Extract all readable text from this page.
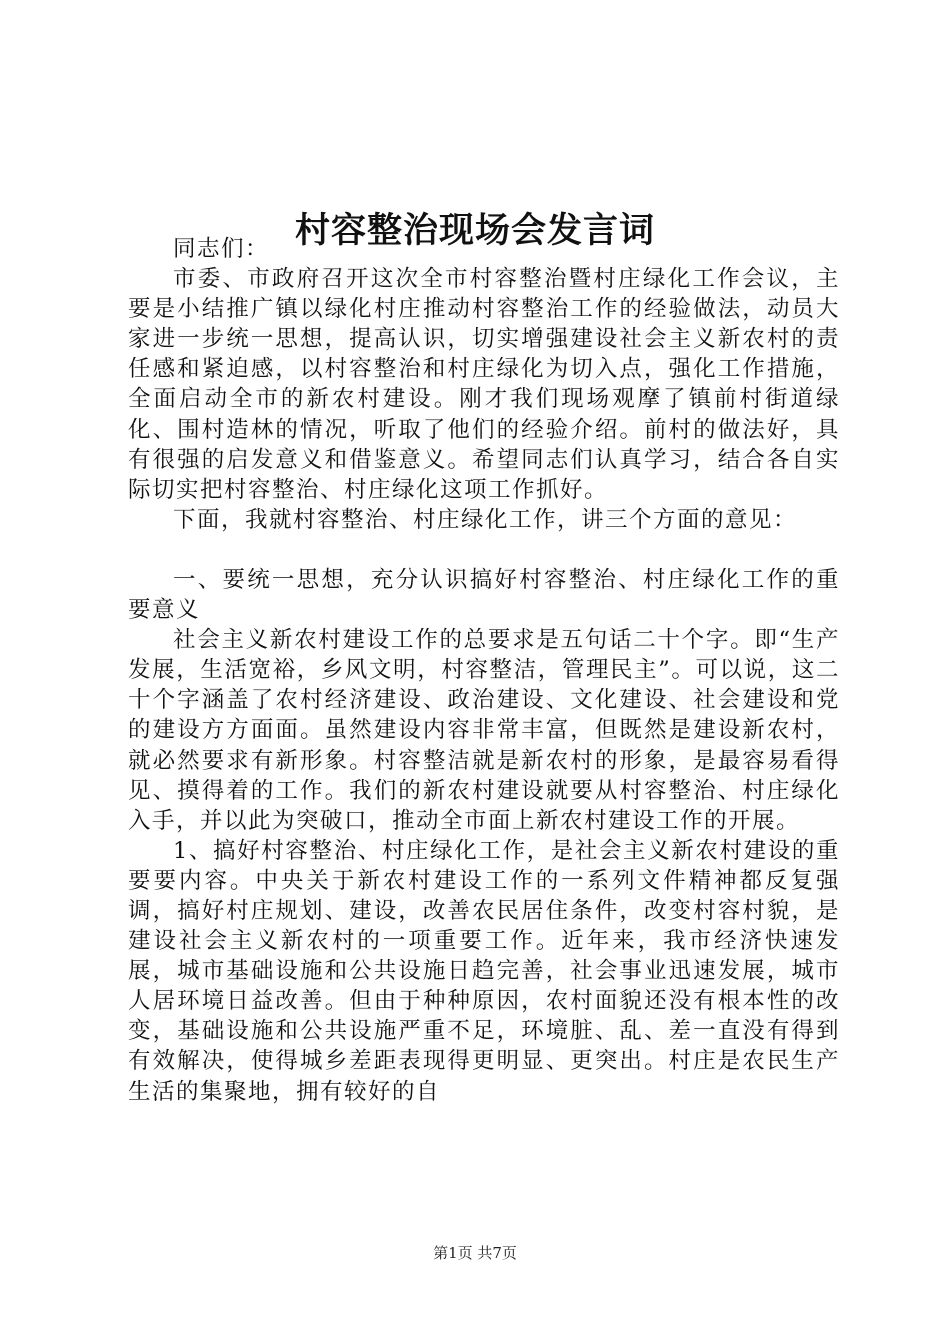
村容整治现场会发言词

同志们：

市委、市政府召开这次全市村容整治暨村庄绿化工作会议，主要是小结推广镇以绿化村庄推动村容整治工作的经验做法，动员大家进一步统一思想，提高认识，切实增强建设社会主义新农村的责任感和紧迫感，以村容整治和村庄绿化为切入点，强化工作措施，全面启动全市的新农村建设。刚才我们现场观摩了镇前村街道绿化、围村造林的情况，听取了他们的经验介绍。前村的做法好，具有很强的启发意义和借鉴意义。希望同志们认真学习，结合各自实际切实把村容整治、村庄绿化这项工作抓好。

下面，我就村容整治、村庄绿化工作，讲三个方面的意见：

一、要统一思想，充分认识搞好村容整治、村庄绿化工作的重要意义

社会主义新农村建设工作的总要求是五句话二十个字。即“生产发展，生活宽裕，乡风文明，村容整洁，管理民主”。可以说，这二十个字涵盖了农村经济建设、政治建设、文化建设、社会建设和党的建设方方面面。虽然建设内容非常丰富，但既然是建设新农村，就必然要求有新形象。村容整洁就是新农村的形象，是最容易看得见、摸得着的工作。我们的新农村建设就要从村容整治、村庄绿化入手，并以此为突破口，推动全市面上新农村建设工作的开展。

1、搞好村容整治、村庄绿化工作，是社会主义新农村建设的重要要内容。中央关于新农村建设工作的一系列文件精神都反复强调，搞好村庄规划、建设，改善农民居住条件，改变村容村貌，是建设社会主义新农村的一项重要工作。近年来，我市经济快速发展，城市基础设施和公共设施日趋完善，社会事业迅速发展，城市人居环境日益改善。但由于种种原因，农村面貌还没有根本性的改变，基础设施和公共设施严重不足，环境脏、乱、差一直没有得到有效解决，使得城乡差距表现得更明显、更突出。村庄是农民生产生活的集聚地，拥有较好的自

第1页 共7页
